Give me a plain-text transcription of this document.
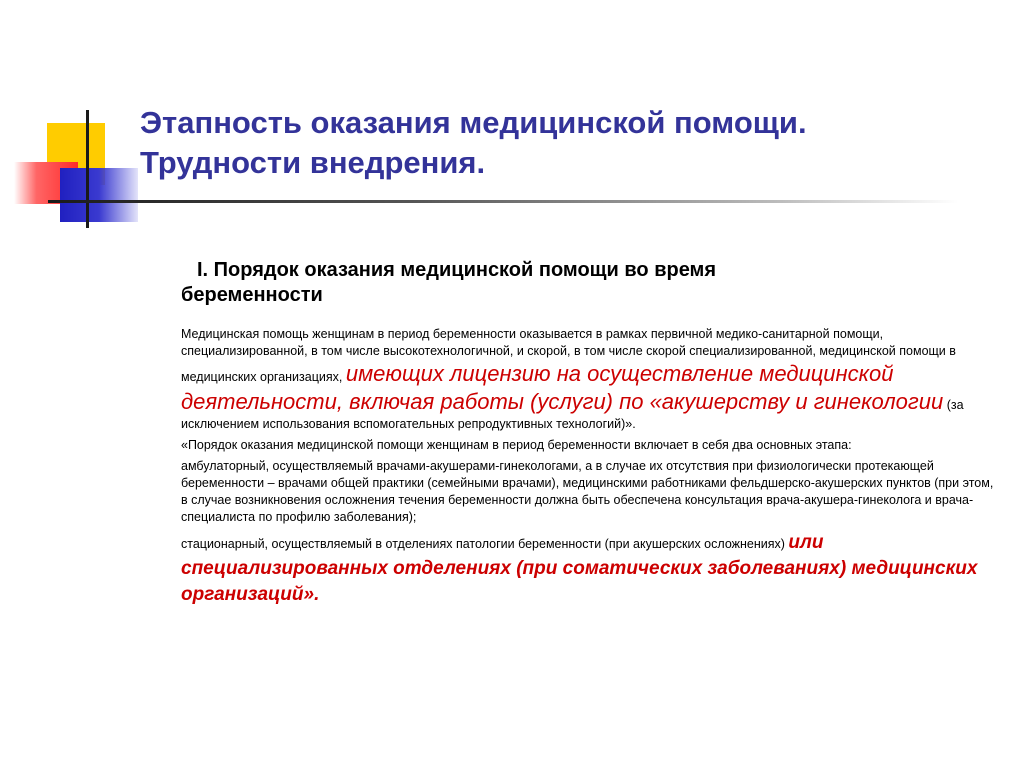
Этапность оказания медицинской помощи.
Трудности внедрения.
I. Порядок оказания медицинской помощи во время
беременности

Медицинская помощь женщинам в период беременности оказывается в рамках первичной медико-санитарной помощи, специализированной, в том числе высокотехнологичной, и скорой, в том числе скорой специализированной, медицинской помощи в медицинских организациях, имеющих лицензию на осуществление медицинской деятельности, включая работы (услуги) по «акушерству и гинекологии (за исключением использования вспомогательных репродуктивных технологий)».

«Порядок оказания медицинской помощи женщинам в период беременности включает в себя два основных этапа:

амбулаторный, осуществляемый врачами-акушерами-гинекологами, а в случае их отсутствия при физиологически протекающей беременности – врачами общей практики (семейными врачами), медицинскими работниками фельдшерско-акушерских пунктов (при этом, в случае возникновения осложнения течения беременности должна быть обеспечена консультация врача-акушера-гинеколога и врача-специалиста по профилю заболевания);

стационарный, осуществляемый в отделениях патологии беременности (при акушерских осложнениях) или специализированных отделениях (при соматических заболеваниях) медицинских организаций».
